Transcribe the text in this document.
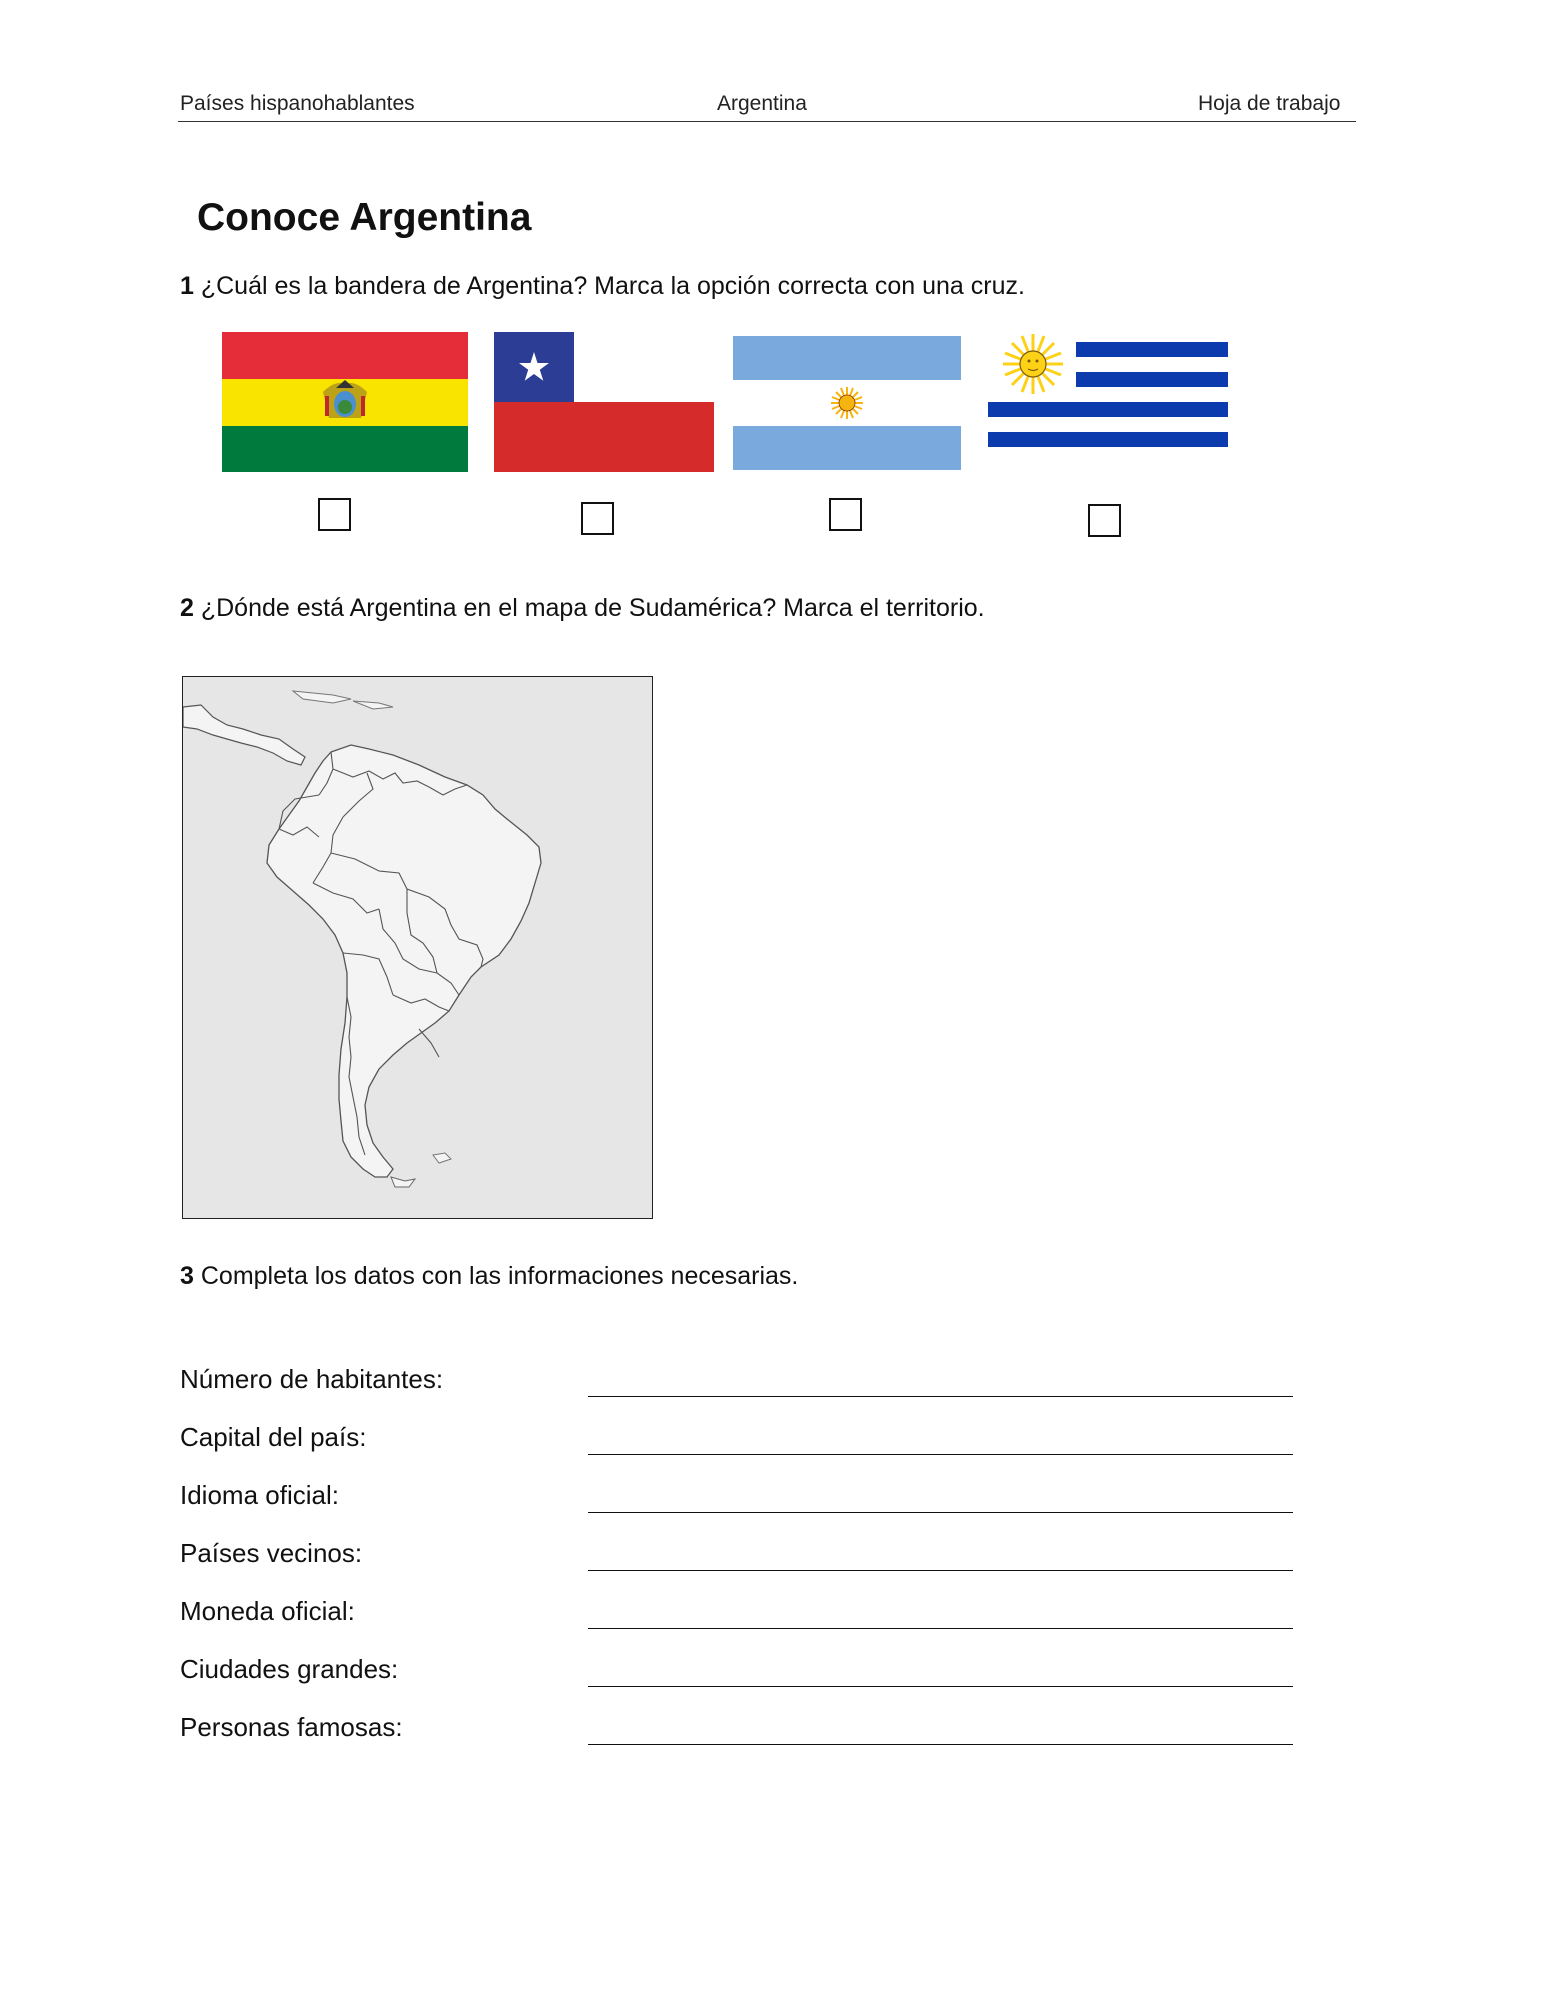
Países hispanohablantes	Argentina	Hoja de trabajo
Conoce Argentina
1 ¿Cuál es la bandera de Argentina? Marca la opción correcta con una cruz.
2 ¿Dónde está Argentina en el mapa de Sudamérica? Marca el territorio.
3 Completa los datos con las informaciones necesarias.
Número de habitantes:
Capital del país:
Idioma oficial:
Países vecinos:
Moneda oficial:
Ciudades grandes:
Personas famosas:
